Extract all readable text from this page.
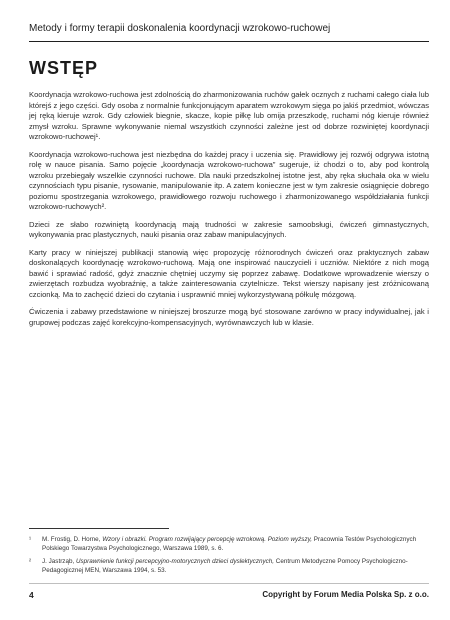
Metody i formy terapii doskonalenia koordynacji wzrokowo-ruchowej
WSTĘP

Koordynacja wzrokowo-ruchowa jest zdolnością do zharmonizowania ruchów gałek ocznych z ruchami całego ciała lub którejś z jego części. Gdy osoba z normalnie funkcjonującym aparatem wzrokowym sięga po jakiś przedmiot, wówczas jej ręką kieruje wzrok. Gdy człowiek biegnie, skacze, kopie piłkę lub omija przeszkodę, ruchami nóg kieruje również zmysł wzroku. Sprawne wykonywanie niemal wszystkich czynności zależne jest od dobrze rozwiniętej koordynacji wzrokowo-ruchowej¹.

Koordynacja wzrokowo-ruchowa jest niezbędna do każdej pracy i uczenia się. Prawidłowy jej rozwój odgrywa istotną rolę w nauce pisania. Samo pojęcie „koordynacja wzrokowo-ruchowa” sugeruje, iż chodzi o to, aby pod kontrolą wzroku przebiegały wszelkie czynności ruchowe. Dla nauki przedszkolnej istotne jest, aby ręka słuchała oka w wielu czynnościach typu pisanie, rysowanie, manipulowanie itp. A zatem konieczne jest w tym zakresie osiągnięcie dobrego poziomu spostrzegania wzrokowego, prawidłowego rozwoju ruchowego i zharmonizowanego współdziałania funkcji wzrokowo-ruchowych².

Dzieci ze słabo rozwiniętą koordynacją mają trudności w zakresie samoobsługi, ćwiczeń gimnastycznych, wykonywania prac plastycznych, nauki pisania oraz zabaw manipulacyjnych.

Karty pracy w niniejszej publikacji stanowią więc propozycję różnorodnych ćwiczeń oraz praktycznych zabaw doskonalących koordynację wzrokowo-ruchową. Mają one inspirować nauczycieli i uczniów. Niektóre z nich mogą bawić i sprawiać radość, gdyż znacznie chętniej uczymy się poprzez zabawę. Dodatkowe wprowadzenie wierszy o zwierzętach rozbudza wyobraźnię, a także zainteresowania czytelnicze. Tekst wierszy napisany jest zróżnicowaną czcionką. Ma to zachęcić dzieci do czytania i usprawnić mniej wykorzystywaną półkulę mózgową.

Ćwiczenia i zabawy przedstawione w niniejszej broszurze mogą być stosowane zarówno w pracy indywidualnej, jak i grupowej podczas zajęć korekcyjno-kompensacyjnych, wyrównawczych lub w klasie.

¹	M. Frostig, D. Horne, Wzory i obrazki. Program rozwijający percepcję wzrokową. Poziom wyższy, Pracownia Testów Psychologicznych Polskiego Towarzystwa Psychologicznego, Warszawa 1989, s. 6.
²	J. Jastrząb, Usprawnienie funkcji percepcyjno-motorycznych dzieci dyslektycznych, Centrum Metodyczne Pomocy Psychologiczno-Pedagogicznej MEN, Warszawa 1994, s. 53.
4	Copyright by Forum Media Polska Sp. z o.o.
